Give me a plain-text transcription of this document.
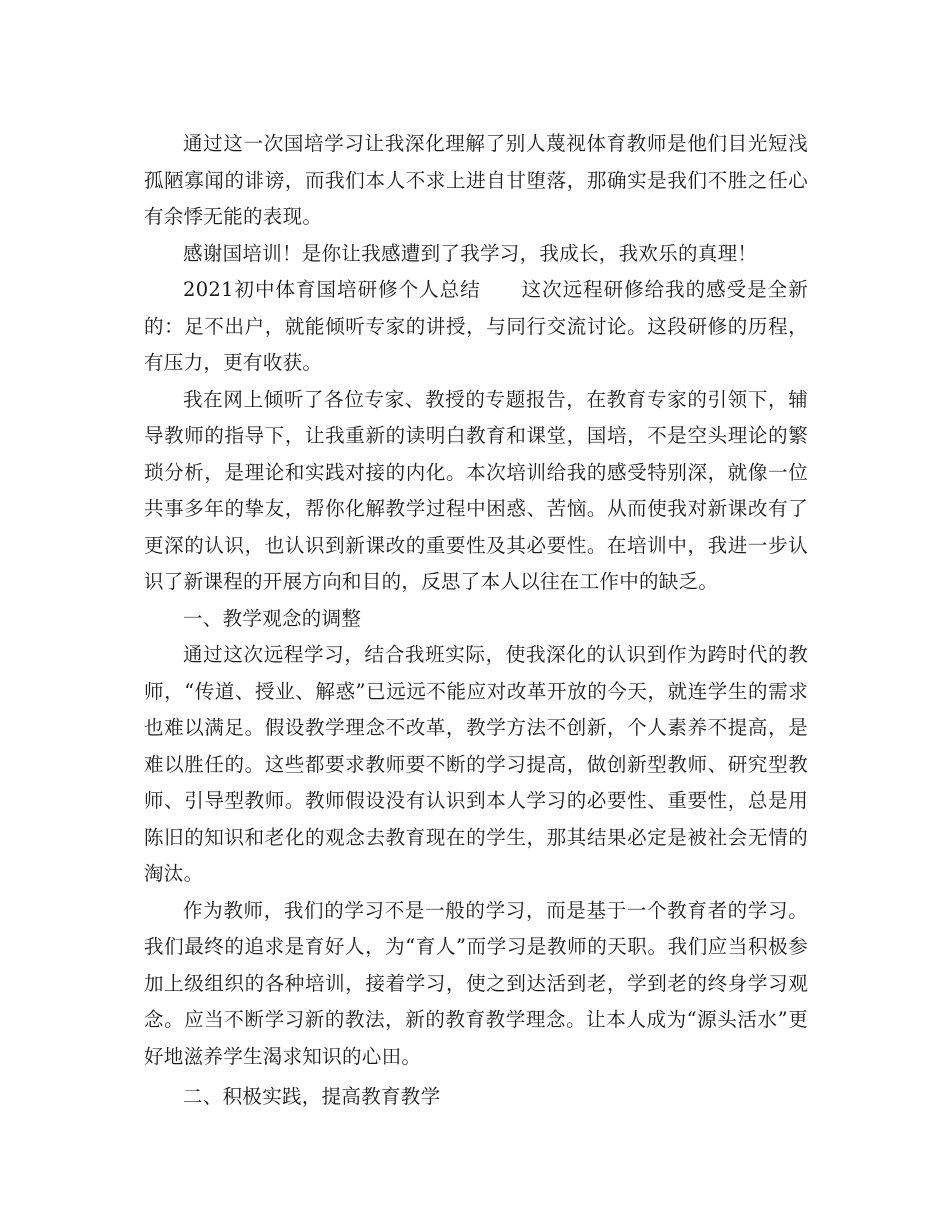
通过这一次国培学习让我深化理解了别人蔑视体育教师是他们目光短浅孤陋寡闻的诽谤，而我们本人不求上进自甘堕落，那确实是我们不胜之任心有余悸无能的表现。

感谢国培训！是你让我感遭到了我学习，我成长，我欢乐的真理！

2021初中体育国培研修个人总结　　这次远程研修给我的感受是全新的：足不出户，就能倾听专家的讲授，与同行交流讨论。这段研修的历程，有压力，更有收获。

我在网上倾听了各位专家、教授的专题报告，在教育专家的引领下，辅导教师的指导下，让我重新的读明白教育和课堂，国培，不是空头理论的繁琐分析，是理论和实践对接的内化。本次培训给我的感受特别深，就像一位共事多年的挚友，帮你化解教学过程中困惑、苦恼。从而使我对新课改有了更深的认识，也认识到新课改的重要性及其必要性。在培训中，我进一步认识了新课程的开展方向和目的，反思了本人以往在工作中的缺乏。

一、教学观念的调整

通过这次远程学习，结合我班实际，使我深化的认识到作为跨时代的教师，“传道、授业、解惑”已远远不能应对改革开放的今天，就连学生的需求也难以满足。假设教学理念不改革，教学方法不创新，个人素养不提高，是难以胜任的。这些都要求教师要不断的学习提高，做创新型教师、研究型教师、引导型教师。教师假设没有认识到本人学习的必要性、重要性，总是用陈旧的知识和老化的观念去教育现在的学生，那其结果必定是被社会无情的淘汰。

作为教师，我们的学习不是一般的学习，而是基于一个教育者的学习。我们最终的追求是育好人，为“育人”而学习是教师的天职。我们应当积极参加上级组织的各种培训，接着学习，使之到达活到老，学到老的终身学习观念。应当不断学习新的教法，新的教育教学理念。让本人成为“源头活水”更好地滋养学生渴求知识的心田。

二、积极实践，提高教育教学
